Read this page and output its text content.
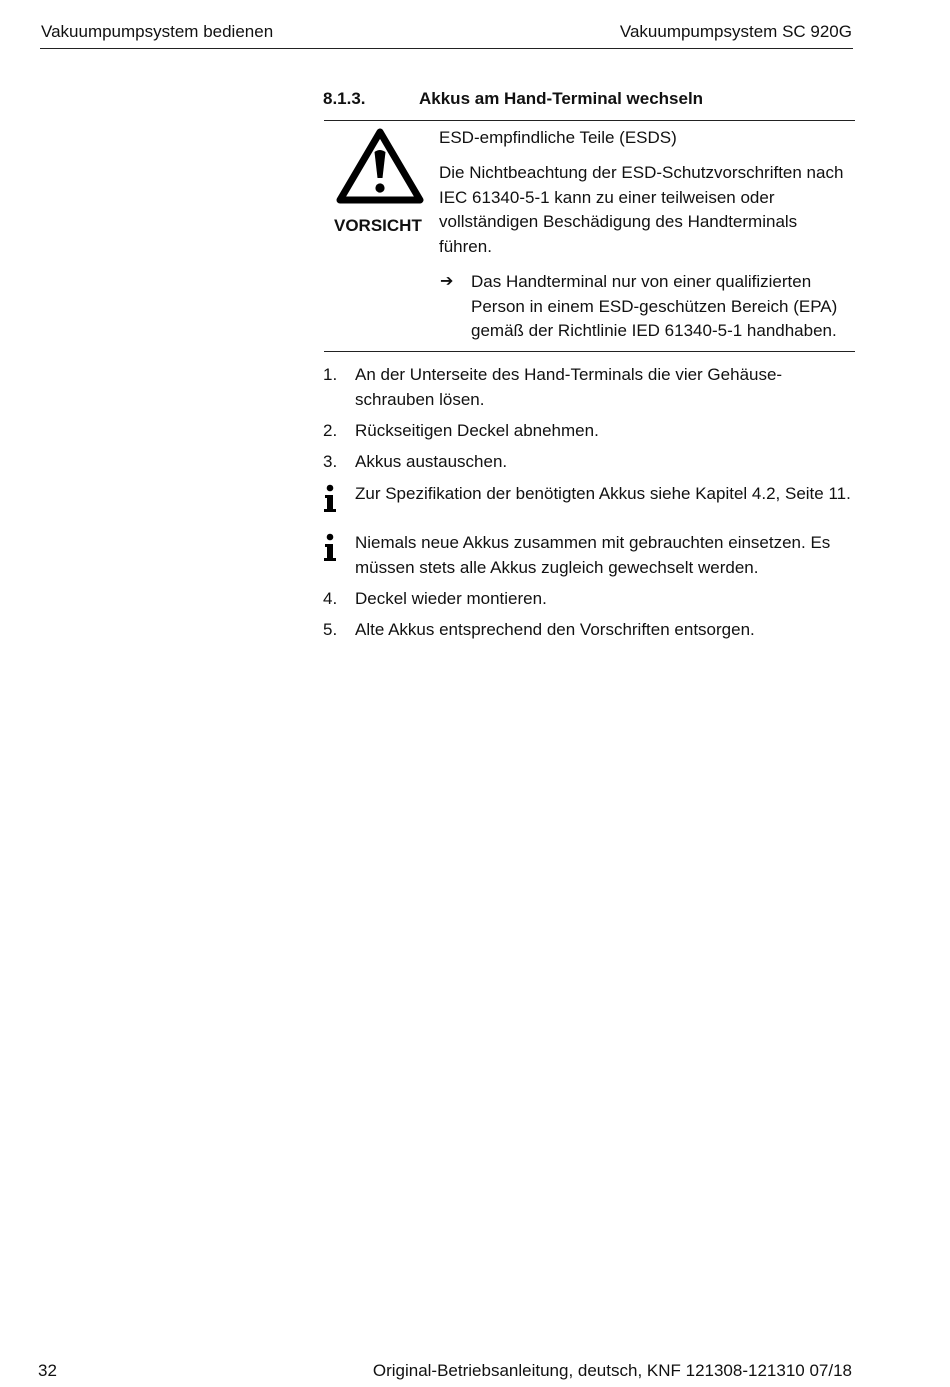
Vakuumpumpsystem bedienen	Vakuumpumpsystem SC 920G
8.1.3.	Akkus am Hand-Terminal wechseln
VORSICHT
ESD-empfindliche Teile (ESDS)
Die Nichtbeachtung der ESD-Schutzvorschriften nach IEC 61340-5-1 kann zu einer teilweisen oder vollständigen Beschädigung des Handterminals führen.
➔ Das Handterminal nur von einer qualifizierten Person in einem ESD-geschützen Bereich (EPA) gemäß der Richtlinie IED 61340-5-1 handhaben.
1. An der Unterseite des Hand-Terminals die vier Gehäuse-schrauben lösen.
2. Rückseitigen Deckel abnehmen.
3. Akkus austauschen.
Zur Spezifikation der benötigten Akkus siehe Kapitel 4.2, Seite 11.
Niemals neue Akkus zusammen mit gebrauchten einsetzen. Es müssen stets alle Akkus zugleich gewechselt werden.
4. Deckel wieder montieren.
5. Alte Akkus entsprechend den Vorschriften entsorgen.
32	Original-Betriebsanleitung, deutsch, KNF 121308-121310 07/18
